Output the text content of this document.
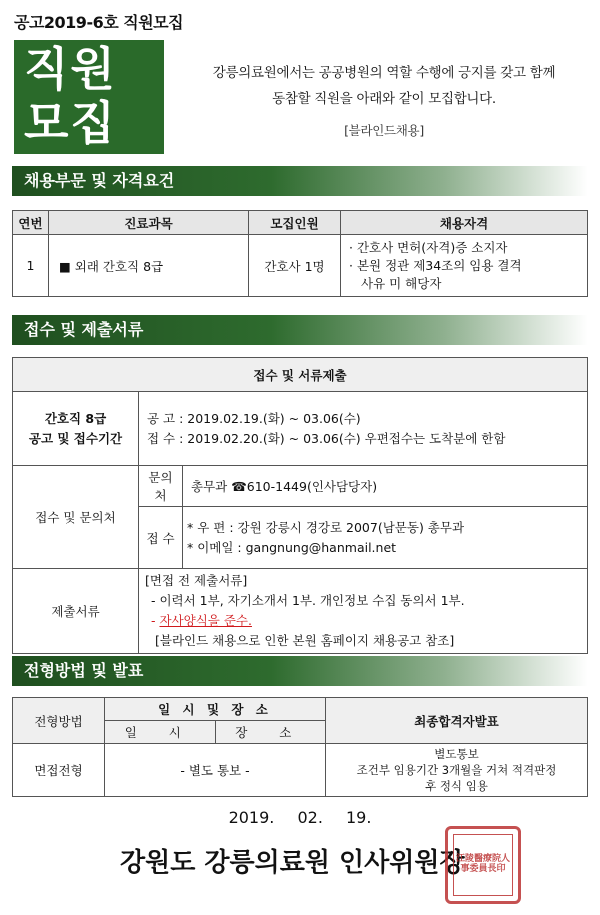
공고2019-6호 직원모집
직원
모집
강릉의료원에서는 공공병원의 역할 수행에 긍지를 갖고 함께
동참할 직원을 아래와 같이 모집합니다.
[블라인드채용]
채용부문 및 자격요건
연번	진료과목	모집인원	채용자격
1	■ 외래 간호직 8급	간호사 1명	· 간호사 면허(자격)증 소지자
· 본원 정관 제34조의 임용 결격
사유 미 해당자
접수 및 제출서류
접수 및 서류제출		

간호직 8급
공고 및 접수기간	공 고 : 2019.02.19.(화) ~ 03.06(수)
접 수 : 2019.02.20.(화) ~ 03.06(수) 우편접수는 도착분에 한함	

접수 및 문의처	문의처	총무과 ☎610-1449(인사담당자)
	접 수	* 우 편 : 강원 강릉시 경강로 2007(남문동) 총무과
* 이메일 : gangnung@hanmail.net

제출서류	[면접 전 제출서류]
- 이력서 1부, 자기소개서 1부. 개인정보 수집 동의서 1부.
- 자사양식을 준수.
[블라인드 채용으로 인한 본원 홈페이지 채용공고 참조]	
전형방법 및 발표
전형방법	일 시 및 장 소		최종합격자발표
	일 시	장 소	
면접전형	- 별도 통보 -		별도통보
조건부 임용기간 3개월을 거쳐 적격판정
후 정식 임용
2019. 02. 19.
강원도 강릉의료원 인사위원장
江陵醫療院人事委員長印
